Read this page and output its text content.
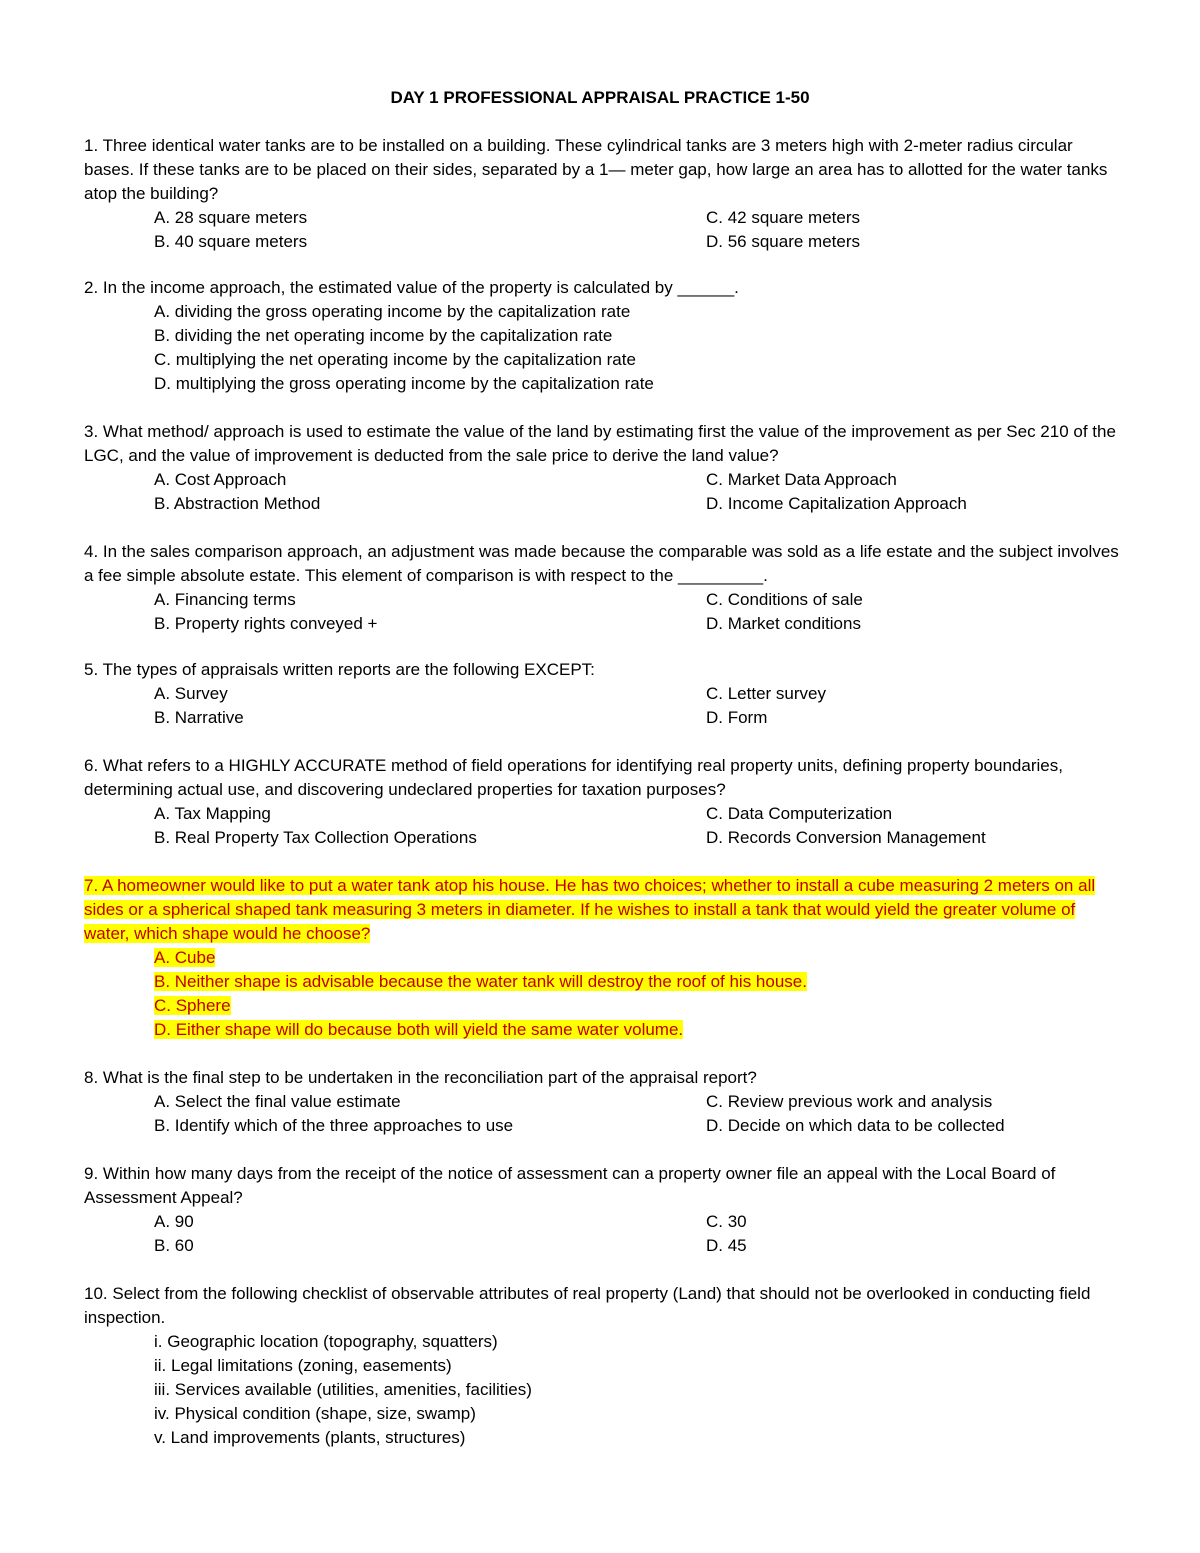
DAY 1 PROFESSIONAL APPRAISAL PRACTICE 1-50

1. Three identical water tanks are to be installed on a building. These cylindrical tanks are 3 meters high with 2-meter radius circular bases. If these tanks are to be placed on their sides, separated by a 1— meter gap, how large an area has to allotted for the water tanks atop the building?

A. 28 square meters	C. 42 square meters
B. 40 square meters	D. 56 square meters

2. In the income approach, the estimated value of the property is calculated by ______.

A. dividing the gross operating income by the capitalization rate
B. dividing the net operating income by the capitalization rate
C. multiplying the net operating income by the capitalization rate
D. multiplying the gross operating income by the capitalization rate

3. What method/ approach is used to estimate the value of the land by estimating first the value of the improvement as per Sec 210 of the LGC, and the value of improvement is deducted from the sale price to derive the land value?

A. Cost Approach	C. Market Data Approach
B. Abstraction Method	D. Income Capitalization Approach

4. In the sales comparison approach, an adjustment was made because the comparable was sold as a life estate and the subject involves a fee simple absolute estate. This element of comparison is with respect to the _________.

A. Financing terms	C. Conditions of sale
B. Property rights conveyed +	D. Market conditions

5. The types of appraisals written reports are the following EXCEPT:

A. Survey	C. Letter survey
B. Narrative	D. Form

6. What refers to a HIGHLY ACCURATE method of field operations for identifying real property units, defining property boundaries, determining actual use, and discovering undeclared properties for taxation purposes?

A. Tax Mapping	C. Data Computerization
B. Real Property Tax Collection Operations	D. Records Conversion Management

7. A homeowner would like to put a water tank atop his house. He has two choices; whether to install a cube measuring 2 meters on all sides or a spherical shaped tank measuring 3 meters in diameter. If he wishes to install a tank that would yield the greater volume of water, which shape would he choose?

A. Cube
B. Neither shape is advisable because the water tank will destroy the roof of his house.
C. Sphere
D. Either shape will do because both will yield the same water volume.

8. What is the final step to be undertaken in the reconciliation part of the appraisal report?

A. Select the final value estimate	C. Review previous work and analysis
B. Identify which of the three approaches to use	D. Decide on which data to be collected

9. Within how many days from the receipt of the notice of assessment can a property owner file an appeal with the Local Board of Assessment Appeal?

A. 90	C. 30
B. 60	D. 45

10. Select from the following checklist of observable attributes of real property (Land) that should not be overlooked in conducting field inspection.

i. Geographic location (topography, squatters)
ii. Legal limitations (zoning, easements)
iii. Services available (utilities, amenities, facilities)
iv. Physical condition (shape, size, swamp)
v. Land improvements (plants, structures)
